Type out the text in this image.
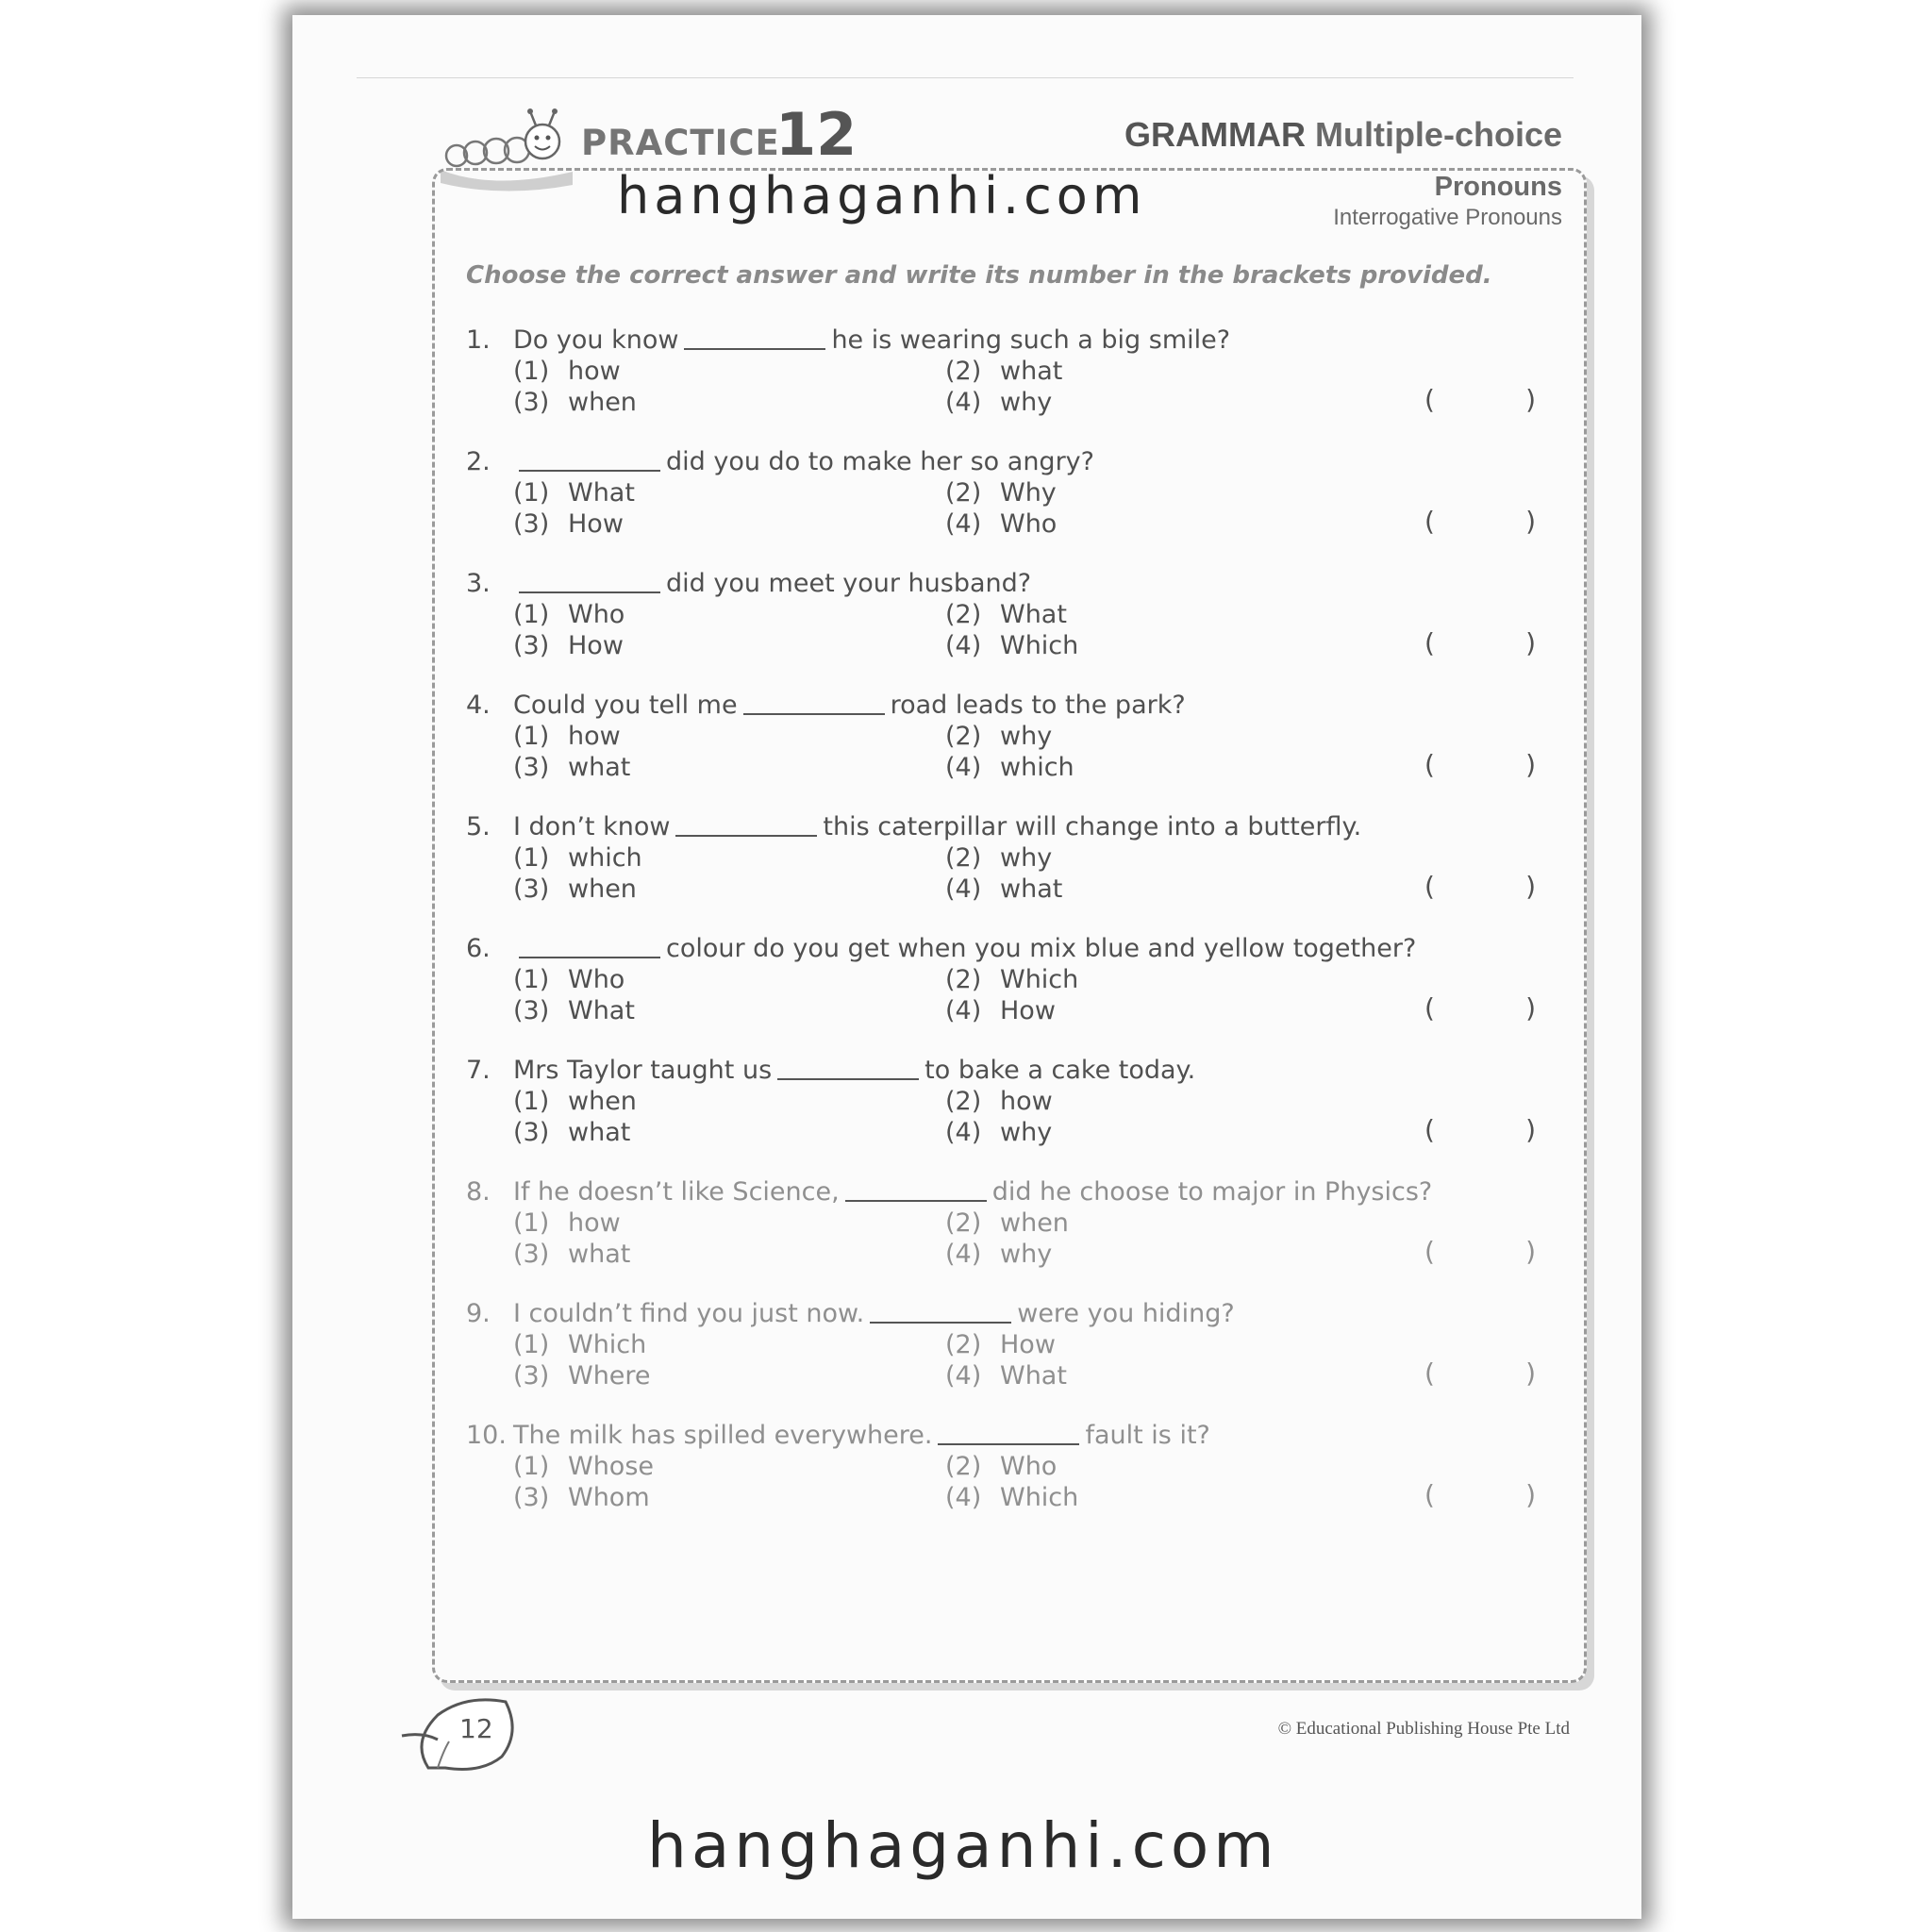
PRACTICE
12	GRAMMAR Multiple-choice
Pronouns
Interrogative Pronouns
Choose the correct answer and write its number in the brackets provided.
1. Do you know	he is wearing such a big smile?
(1) how	(2) what
(3) when	(4) why	(	)
2.	did you do to make her so angry?
(1) What	(2) Why
(3) How	(4) Who	(	)
3.	did you meet your husband?
(1) Who	(2) What
(3) How	(4) Which	(	)
4. Could you tell me	road leads to the park?
(1) how	(2) why
(3) what	(4) which	(	)
5. I don’t know	this caterpillar will change into a butterfly.
(1) which	(2) why
(3) when	(4) what	(	)
6.	colour do you get when you mix blue and yellow together?
(1) Who	(2) Which
(3) What	(4) How	(	)
7. Mrs Taylor taught us	to bake a cake today.
(1) when	(2) how
(3) what	(4) why	(	)
8. If he doesn’t like Science,	did he choose to major in Physics?
(1) how	(2) when
(3) what	(4) why	(	)
9. I couldn’t find you just now.	were you hiding?
(1) Which	(2) How
(3) Where	(4) What	(	)
10. The milk has spilled everywhere.	fault is it?
(1) Whose	(2) Who
(3) Whom	(4) Which	(	)
12	© Educational Publishing House Pte Ltd
hanghaganhi.com
hanghaganhi.com
